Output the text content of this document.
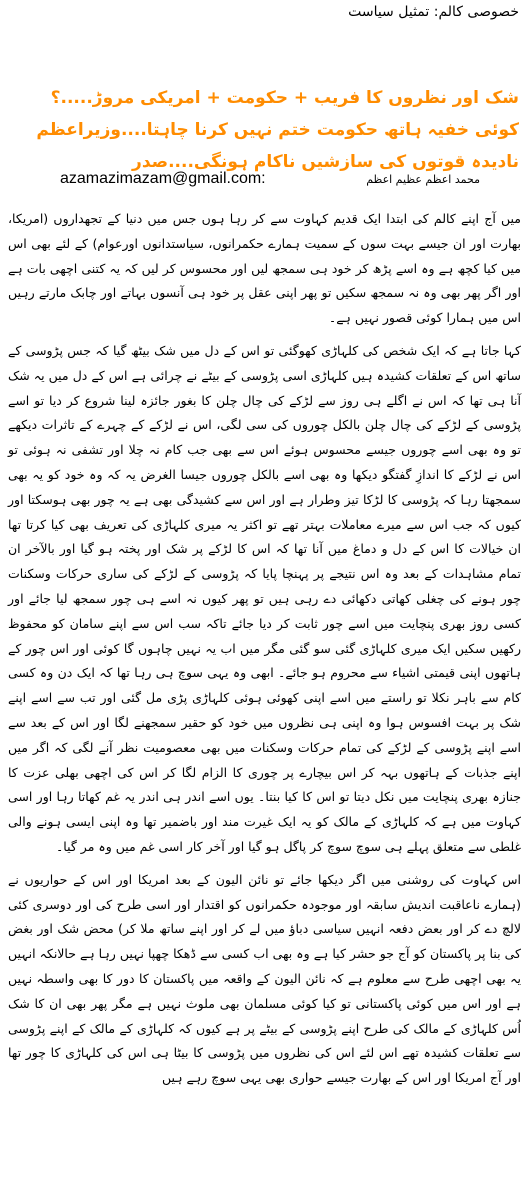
خصوصی کالم: تمثیل سیاست
شک اور نظروں کا فریب + حکومت + امریکی مروڑ.....؟
کوئی خفیہ ہاتھ حکومت ختم نہیں کرنا چاہتا....وزیراعظم
نادیدہ قوتوں کی سازشیں ناکام ہونگی....صدر
azamazimazam@gmail.com:	محمد اعظم عظیم اعظم

میں آج اپنے کالم کی ابتدا ایک قدیم کہاوت سے کر رہا ہوں جس میں دنیا کے تجھداروں (امریکا، بھارت اور ان جیسے بہت سوں کے سمیت ہمارے حکمرانوں، سیاستدانوں اورعوام) کے لئے بھی اس میں کیا کچھ ہے وہ اسے پڑھ کر خود ہی سمجھ لیں اور محسوس کر لیں کہ یہ کتنی اچھی بات ہے اور اگر پھر بھی وہ نہ سمجھ سکیں تو پھر اپنی عقل پر خود ہی آنسوں بہاتے اور چابک مارتے رہیں اس میں ہمارا کوئی قصور نہیں ہے۔

کہا جاتا ہے کہ ایک شخص کی کلہاڑی کھوگئی تو اس کے دل میں شک بیٹھ گیا کہ جس پڑوسی کے ساتھ اس کے تعلقات کشیدہ ہیں کلہاڑی اسی پڑوسی کے بیٹے نے چرائی ہے اس کے دل میں یہ شک آنا ہی تھا کہ اس نے اگلے ہی روز سے لڑکے کی چال چلن کا بغور جائزہ لینا شروع کر دیا تو اسے پڑوسی کے لڑکے کی چال چلن بالکل چوروں کی سی لگی، اس نے لڑکے کے چہرے کے تاثرات دیکھے تو وہ بھی اسے چوروں جیسے محسوس ہوئے اس سے بھی جب کام نہ چلا اور تشفی نہ ہوئی تو اس نے لڑکے کا اندازِ گفتگو دیکھا وہ بھی اسے بالکل چوروں جیسا الغرض یہ کہ وہ خود کو یہ بھی سمجھتا رہا کہ پڑوسی کا لڑکا تیز وطرار ہے اور اس سے کشیدگی بھی ہے یہ چور بھی ہوسکتا اور کیوں کہ جب اس سے میرے معاملات بہتر تھے تو اکثر یہ میری کلہاڑی کی تعریف بھی کیا کرتا تھا ان خیالات کا اس کے دل و دماغ میں آنا تھا کہ اس کا لڑکے پر شک اور پختہ ہو گیا اور بالآخر ان تمام مشاہدات کے بعد وہ اس نتیجے پر پہنچا پایا کہ پڑوسی کے لڑکے کی ساری حرکات وسکنات چور ہونے کی چغلی کھاتی دکھائی دے رہی ہیں تو پھر کیوں نہ اسے ہی چور سمجھ لیا جائے اور کسی روز بھری پنچایت میں اسے چور ثابت کر دیا جائے تاکہ سب اس سے اپنے سامان کو محفوظ رکھیں سکیں ایک میری کلہاڑی گئی سو گئی مگر میں اب یہ نہیں چاہوں گا کوئی اور اس چور کے ہاتھوں اپنی قیمتی اشیاء سے محروم ہو جائے۔ ابھی وہ یہی سوچ ہی رہا تھا کہ ایک دن وہ کسی کام سے باہر نکلا تو راستے میں اسے اپنی کھوئی ہوئی کلہاڑی پڑی مل گئی اور تب سے اسے اپنے شک پر بہت افسوس ہوا وہ اپنی ہی نظروں میں خود کو حقیر سمجھنے لگا اور اس کے بعد سے اسے اپنے پڑوسی کے لڑکے کی تمام حرکات وسکنات میں بھی معصومیت نظر آنے لگی کہ اگر میں اپنے جذبات کے ہاتھوں بہہ کر اس بیچارے پر چوری کا الزام لگا کر اس کی اچھی بھلی عزت کا جنازہ بھری پنچایت میں نکل دیتا تو اس کا کیا بنتا۔ یوں اسے اندر ہی اندر یہ غم کھاتا رہا اور اسی کہاوت میں ہے کہ کلہاڑی کے مالک کو یہ ایک غیرت مند اور باضمیر تھا وہ اپنی ایسی ہونے والی غلطی سے متعلق پہلے ہی سوچ سوچ کر پاگل ہو گیا اور آخر کار اسی غم میں وہ مر گیا۔

اس کہاوت کی روشنی میں اگر دیکھا جائے تو نائن الیون کے بعد امریکا اور اس کے حواریوں نے (ہمارے ناعاقبت اندیش سابقہ اور موجودہ حکمرانوں کو اقتدار اور اسی طرح کی اور دوسری کئی لالچ دے کر اور بعض دفعہ انہیں سیاسی دباؤ میں لے کر اور اپنے ساتھ ملا کر) محض شک اور بغض کی بنا پر پاکستان کو آج جو حشر کیا ہے وہ بھی اب کسی سے ڈھکا چھپا نہیں رہا ہے حالانکہ انہیں یہ بھی اچھی طرح سے معلوم ہے کہ نائن الیون کے واقعہ میں پاکستان کا دور کا بھی واسطہ نہیں ہے اور اس میں کوئی پاکستانی تو کیا کوئی مسلمان بھی ملوث نہیں ہے مگر پھر بھی ان کا شک اُس کلہاڑی کے مالک کی طرح اپنے پڑوسی کے بیٹے پر ہے کیوں کہ کلہاڑی کے مالک کے اپنے پڑوسی سے تعلقات کشیدہ تھے اس لئے اس کی نظروں میں پڑوسی کا بیٹا ہی اس کی کلہاڑی کا چور تھا اور آج امریکا اور اس کے بھارت جیسے حواری بھی یہی سوچ رہے ہیں
